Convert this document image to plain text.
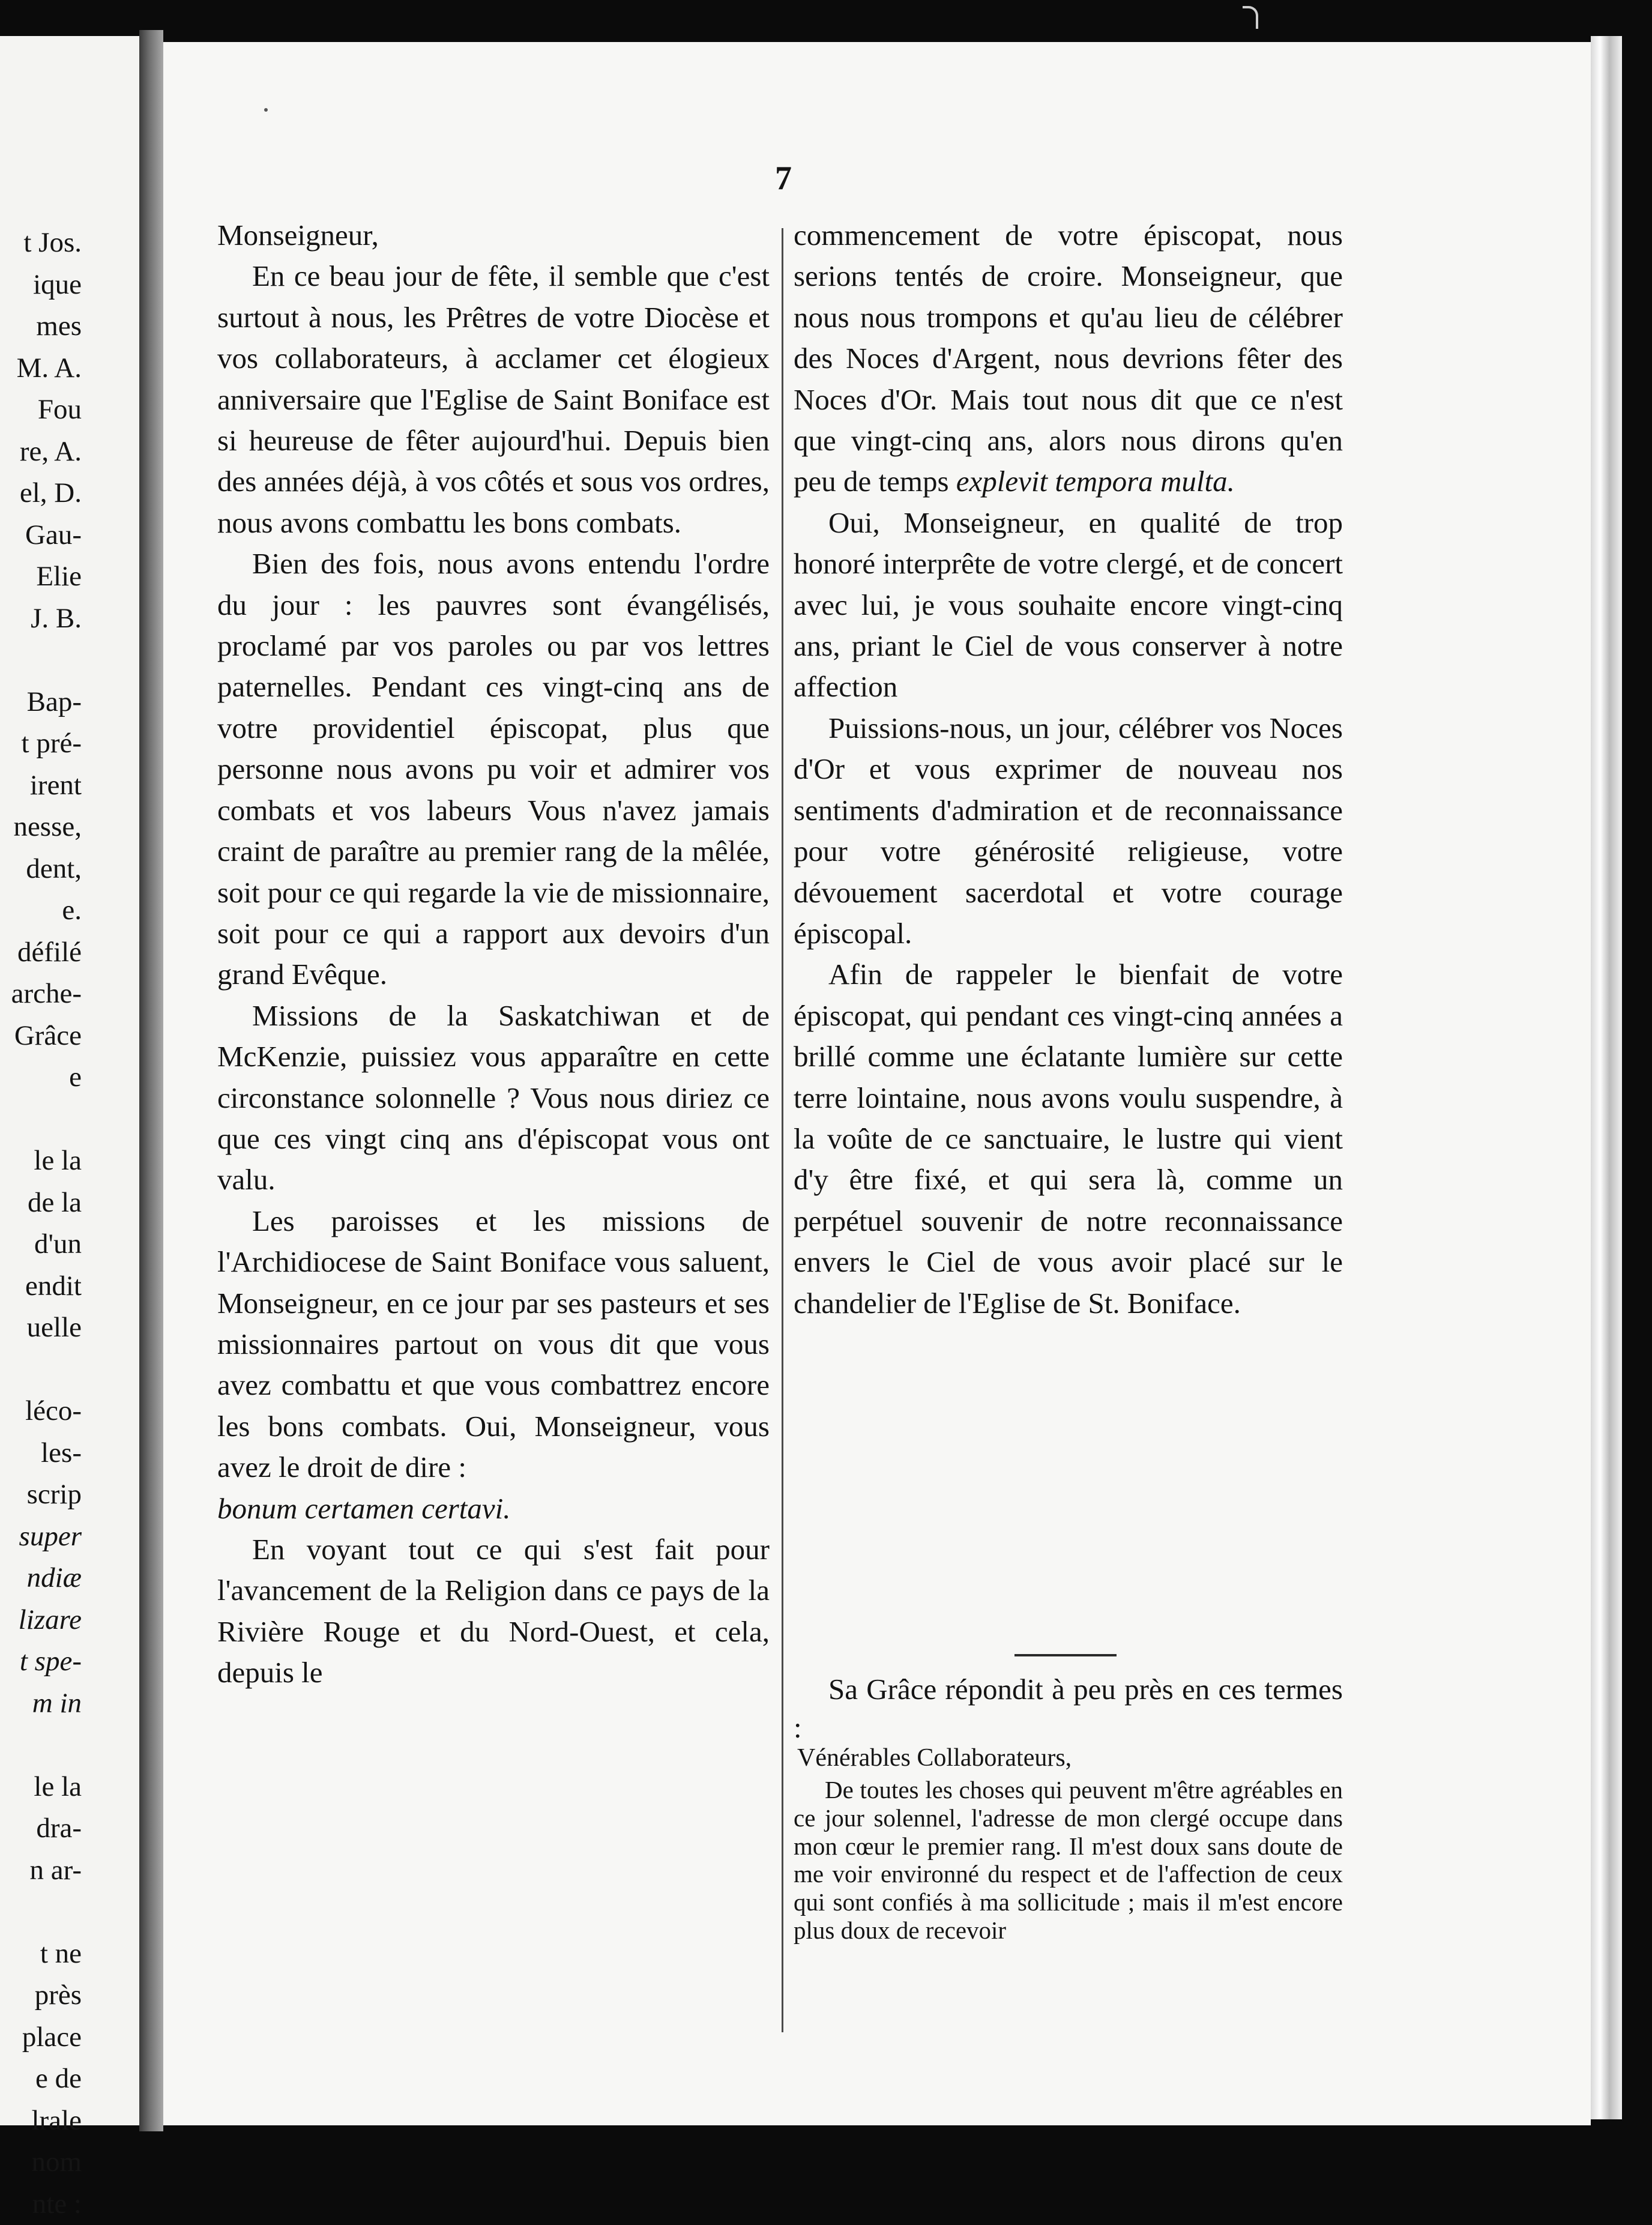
t Jos.
ique
mes
M. A.
Fou
re, A.
el, D.
Gau-
Elie
J. B.

Bap-
t pré-
irent
nesse,
dent,
e.
défilé
arche-
Grâce
e

le la
de la
d'un
endit
uelle

léco-
les-
scrip
super
ndiæ
lizare
t spe-
m in

le la
dra-
n ar-

t ne
près
place
e de
lrale
nom
nte :
7

Monseigneur,

En ce beau jour de fête, il semble que c'est surtout à nous, les Prêtres de votre Diocèse et vos collaborateurs, à acclamer cet élogieux anniversaire que l'Eglise de Saint Boniface est si heureuse de fêter aujourd'hui. Depuis bien des années déjà, à vos côtés et sous vos ordres, nous avons combattu les bons combats.

Bien des fois, nous avons entendu l'ordre du jour : les pauvres sont évangélisés, proclamé par vos paroles ou par vos lettres paternelles. Pendant ces vingt-cinq ans de votre providentiel épiscopat, plus que personne nous avons pu voir et admirer vos combats et vos labeurs Vous n'avez jamais craint de paraître au premier rang de la mêlée, soit pour ce qui regarde la vie de missionnaire, soit pour ce qui a rapport aux devoirs d'un grand Evêque.

Missions de la Saskatchiwan et de McKenzie, puissiez vous apparaître en cette circonstance solonnelle ? Vous nous diriez ce que ces vingt cinq ans d'épiscopat vous ont valu.

Les paroisses et les missions de l'Archidiocese de Saint Boniface vous saluent, Monseigneur, en ce jour par ses pasteurs et ses missionnaires partout on vous dit que vous avez combattu et que vous combattrez encore les bons combats. Oui, Monseigneur, vous avez le droit de dire :

bonum certamen certavi.

En voyant tout ce qui s'est fait pour l'avancement de la Religion dans ce pays de la Rivière Rouge et du Nord-Ouest, et cela, depuis le

commencement de votre épiscopat, nous serions tentés de croire. Monseigneur, que nous nous trompons et qu'au lieu de célébrer des Noces d'Argent, nous devrions fêter des Noces d'Or. Mais tout nous dit que ce n'est que vingt-cinq ans, alors nous dirons qu'en peu de temps explevit tempora multa.

Oui, Monseigneur, en qualité de trop honoré interprête de votre clergé, et de concert avec lui, je vous souhaite encore vingt-cinq ans, priant le Ciel de vous conserver à notre affection

Puissions-nous, un jour, célébrer vos Noces d'Or et vous exprimer de nouveau nos sentiments d'admiration et de reconnaissance pour votre générosité religieuse, votre dévouement sacerdotal et votre courage épiscopal.

Afin de rappeler le bienfait de votre épiscopat, qui pendant ces vingt-cinq années a brillé comme une éclatante lumière sur cette terre lointaine, nous avons voulu suspendre, à la voûte de ce sanctuaire, le lustre qui vient d'y être fixé, et qui sera là, comme un perpétuel souvenir de notre reconnaissance envers le Ciel de vous avoir placé sur le chandelier de l'Eglise de St. Boniface.

Sa Grâce répondit à peu près en ces termes :

Vénérables Collaborateurs,

De toutes les choses qui peuvent m'être agréables en ce jour solennel, l'adresse de mon clergé occupe dans mon cœur le premier rang. Il m'est doux sans doute de me voir environné du respect et de l'affection de ceux qui sont confiés à ma sollicitude ; mais il m'est encore plus doux de recevoir
